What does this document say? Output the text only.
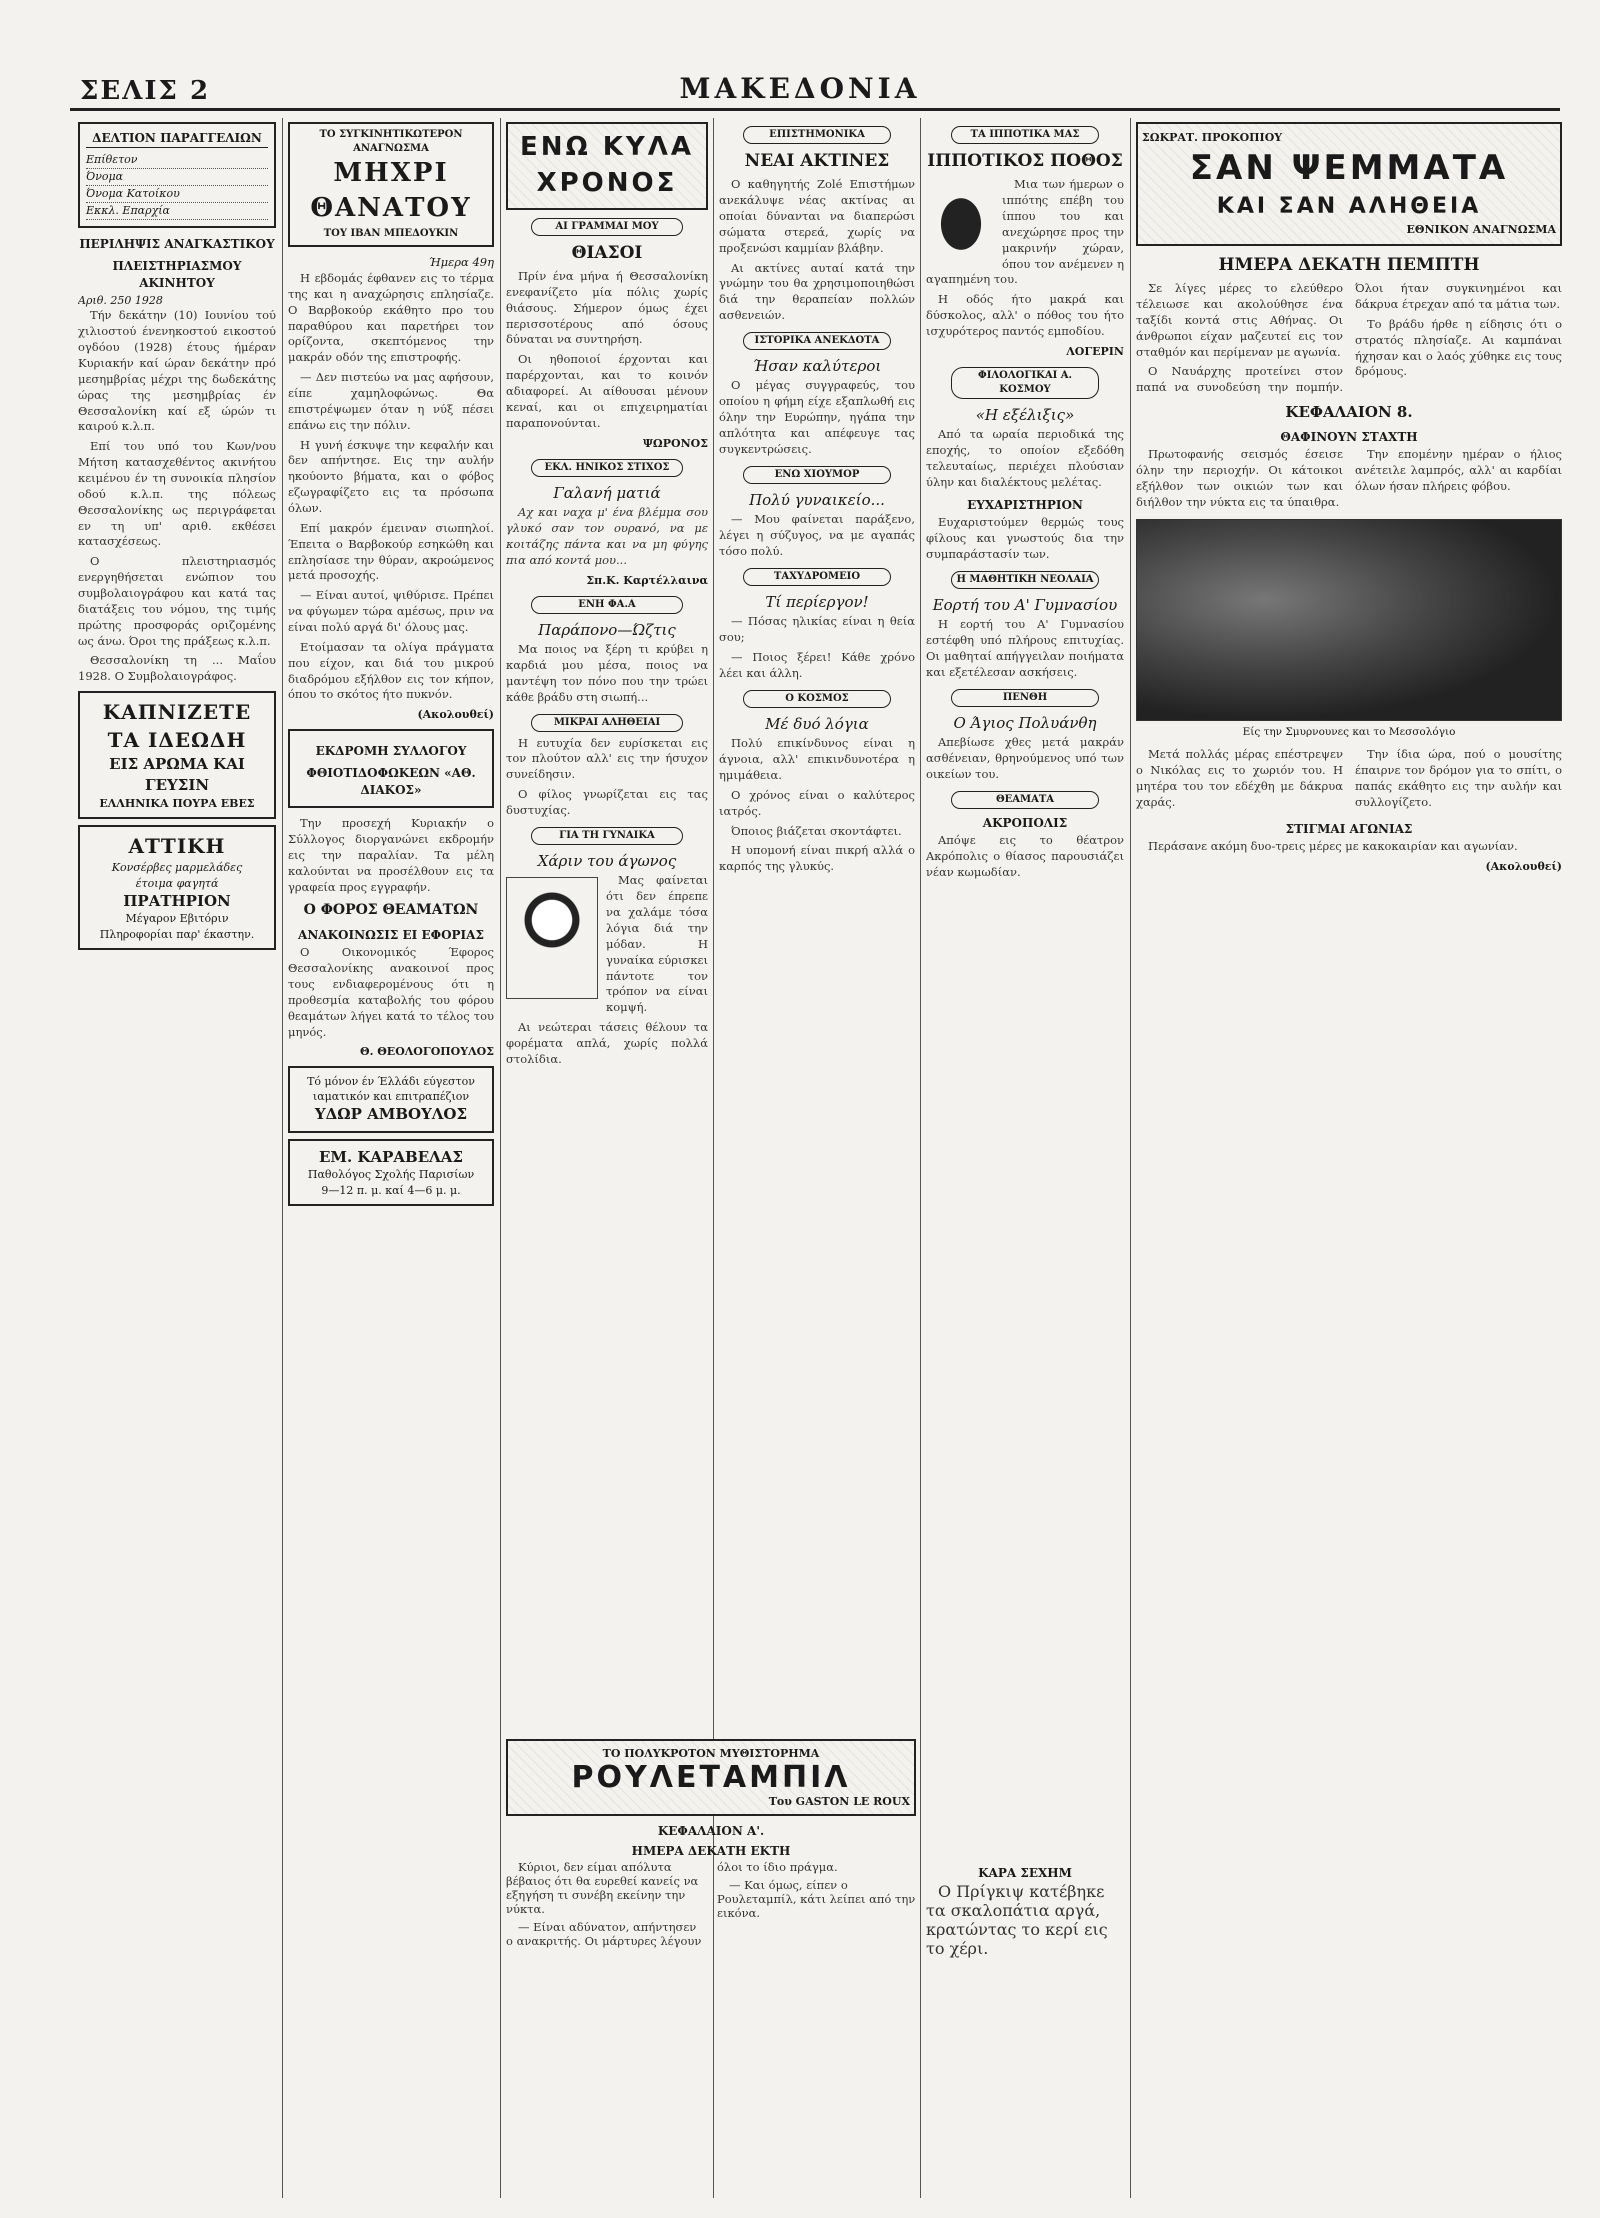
ΣΕΛΙΣ 2	ΜΑΚΕΔΟΝΙΑ
ΔΕΛΤΙΟΝ ΠΑΡΑΓΓΕΛΙΩΝ
Επίθετον
Όνομα
Όνομα Κατοίκου
Εκκλ. Επαρχία
ΠΕΡΙΛΗΨΙΣ ΑΝΑΓΚΑΣΤΙΚΟΥ
ΠΛΕΙΣΤΗΡΙΑΣΜΟΥ ΑΚΙΝΗΤΟΥ
Αριθ. 250 1928

Τήν δεκάτην (10) Ιουνίου τού χιλιοστού ένενηκοστού εικοστού ογδόου (1928) έτους ήμέραν Κυριακήν καί ώραν δεκάτην πρό μεσημβρίας μέχρι της δωδεκάτης ώρας της μεσημβρίας έν Θεσσαλονίκη καί εξ ώρών τι καιρού κ.λ.π.

Επί του υπό του Κων/νου Μήτση κατασχεθέντος ακινήτου κειμένου έν τη συνοικία πλησίον οδού κ.λ.π. της πόλεως Θεσσαλονίκης ως περιγράφεται εν τη υπ' αριθ. εκθέσει κατασχέσεως.

Ο πλειστηριασμός ενεργηθήσεται ενώπιον του συμβολαιογράφου και κατά τας διατάξεις του νόμου, της τιμής πρώτης προσφοράς οριζομένης ως άνω. Όροι της πράξεως κ.λ.π.

Θεσσαλονίκη τη ... Μαΐου 1928. Ο Συμβολαιογράφος.

ΚΑΠΝΙΖΕΤΕ ΤΑ ΙΔΕΩΔΗ
ΕΙΣ ΑΡΩΜΑ ΚΑΙ ΓΕΥΣΙΝ
ΕΛΛΗΝΙΚΑ ΠΟΥΡΑ ΕΒΕΣ
ΑΤΤΙΚΗ
Κονσέρβες μαρμελάδες
έτοιμα φαγητά
ΠΡΑΤΗΡΙΟΝ
Μέγαρον Εβιτόριν
Πληροφορίαι παρ' έκαστην.
ΤΟ ΣΥΓΚΙΝΗΤΙΚΩΤΕΡΟΝ ΑΝΑΓΝΩΣΜΑ
ΜΗΧΡΙ ΘΑΝΑΤΟΥ
ΤΟΥ ΙΒΑΝ ΜΠΕΔΟΥΚΙΝ
Ήμερα 49η

Η εβδομάς έφθανεν εις το τέρμα της και η αναχώρησις επλησίαζε. Ο Βαρβοκούρ εκάθητο προ του παραθύρου και παρετήρει τον ορίζοντα, σκεπτόμενος την μακράν οδόν της επιστροφής.

— Δεν πιστεύω να μας αφήσουν, είπε χαμηλοφώνως. Θα επιστρέψωμεν όταν η νύξ πέσει επάνω εις την πόλιν.

Η γυνή έσκυψε την κεφαλήν και δεν απήντησε. Εις την αυλήν ηκούοντο βήματα, και ο φόβος εζωγραφίζετο εις τα πρόσωπα όλων.

Επί μακρόν έμειναν σιωπηλοί. Έπειτα ο Βαρβοκούρ εσηκώθη και επλησίασε την θύραν, ακροώμενος μετά προσοχής.

— Είναι αυτοί, ψιθύρισε. Πρέπει να φύγωμεν τώρα αμέσως, πριν να είναι πολύ αργά δι' όλους μας.

Ετοίμασαν τα ολίγα πράγματα που είχον, και διά του μικρού διαδρόμου εξήλθον εις τον κήπον, όπου το σκότος ήτο πυκνόν.

(Ακολουθεί)
ΕΚΔΡΟΜΗ ΣΥΛΛΟΓΟΥ
ΦΘΙΟΤΙΔΟΦΩΚΕΩΝ «ΑΘ. ΔΙΑΚΟΣ»

Την προσεχή Κυριακήν ο Σύλλογος διοργανώνει εκδρομήν εις την παραλίαν. Τα μέλη καλούνται να προσέλθουν εις τα γραφεία προς εγγραφήν.

Ο ΦΟΡΟΣ ΘΕΑΜΑΤΩΝ
ΑΝΑΚΟΙΝΩΣΙΣ ΕΙ ΕΦΟΡΙΑΣ

Ο Οικονομικός Έφορος Θεσσαλονίκης ανακοινοί προς τους ενδιαφερομένους ότι η προθεσμία καταβολής του φόρου θεαμάτων λήγει κατά το τέλος του μηνός.

Θ. ΘΕΟΛΟΓΟΠΟΥΛΟΣ
Τό μόνον έν Έλλάδι εύγεστον ιαματικόν και επιτραπέζιον
ΥΔΩΡ ΑΜΒΟΥΛΟΣ
ΕΜ. ΚΑΡΑΒΕΛΑΣ
Παθολόγος Σχολής Παρισίων
9—12 π. μ. καί 4—6 μ. μ.
ΕΝΩ ΚΥΛΑ ΧΡΟΝΟΣ
ΑΙ ΓΡΑΜΜΑΙ ΜΟΥ
ΘΙΑΣΟΙ

Πρίν ένα μήνα ή Θεσσαλονίκη ενεφανίζετο μία πόλις χωρίς θιάσους. Σήμερον όμως έχει περισσοτέρους από όσους δύναται να συντηρήση.

Οι ηθοποιοί έρχονται και παρέρχονται, και το κοινόν αδιαφορεί. Αι αίθουσαι μένουν κεναί, και οι επιχειρηματίαι παραπονούνται.

ΨΩΡΟΝΟΣ
ΕΚΛ. ΗΝΙΚΟΣ ΣΤΙΧΟΣ
Γαλανή ματιά

Αχ και ναχα μ' ένα βλέμμα σου γλυκό σαν τον ουρανό, να με κοιτάζης πάντα και να μη φύγης πια από κοντά μου...

Σπ.Κ. Καρτέλλαινα
ΕΝΗ ΦΑ.Α
Παράπονο—Ώζτις

Μα ποιος να ξέρη τι κρύβει η καρδιά μου μέσα, ποιος να μαντέψη τον πόνο που την τρώει κάθε βράδυ στη σιωπή...

ΜΙΚΡΑΙ ΑΛΗΘΕΙΑΙ

Η ευτυχία δεν ευρίσκεται εις τον πλούτον αλλ' εις την ήσυχον συνείδησιν.

Ο φίλος γνωρίζεται εις τας δυστυχίας.

ΓΙΑ ΤΗ ΓΥΝΑΙΚΑ
Χάριν του άγωνος

Μας φαίνεται ότι δεν έπρεπε να χαλάμε τόσα λόγια διά την μόδαν. Η γυναίκα εύρισκει πάντοτε τον τρόπον να είναι κομψή.

Αι νεώτεραι τάσεις θέλουν τα φορέματα απλά, χωρίς πολλά στολίδια.

ΕΠΙΣΤΗΜΟΝΙΚΑ
ΝΕΑΙ ΑΚΤΙΝΕΣ

Ο καθηγητής Zolé Επιστήμων ανεκάλυψε νέας ακτίνας αι οποίαι δύνανται να διαπερώσι σώματα στερεά, χωρίς να προξενώσι καμμίαν βλάβην.

Αι ακτίνες αυταί κατά την γνώμην του θα χρησιμοποιηθώσι διά την θεραπείαν πολλών ασθενειών.

ΙΣΤΟΡΙΚΑ ΑΝΕΚΔΟΤΑ
Ήσαν καλύτεροι

Ο μέγας συγγραφεύς, του οποίου η φήμη είχε εξαπλωθή εις όλην την Ευρώπην, ηγάπα την απλότητα και απέφευγε τας συγκεντρώσεις.

ΕΝΩ ΧΙΟΥΜΟΡ
Πολύ γυναικείο...

— Μου φαίνεται παράξενο, λέγει η σύζυγος, να με αγαπάς τόσο πολύ.

ΤΑΧΥΔΡΟΜΕΙΟ
Τί περίεργον!

— Πόσας ηλικίας είναι η θεία σου;

— Ποιος ξέρει! Κάθε χρόνο λέει και άλλη.

Ο ΚΟΣΜΟΣ
Μέ δυό λόγια

Πολύ επικίνδυνος είναι η άγνοια, αλλ' επικινδυνοτέρα η ημιμάθεια.

Ο χρόνος είναι ο καλύτερος ιατρός.

Όποιος βιάζεται σκοντάφτει.

Η υπομονή είναι πικρή αλλά ο καρπός της γλυκύς.

ΤΑ ΙΠΠΟΤΙΚΑ ΜΑΣ
ΙΠΠΟΤΙΚΟΣ ΠΟΘΟΣ

Μια των ήμερων ο ιππότης επέβη του ίππου του και ανεχώρησε προς την μακρινήν χώραν, όπου τον ανέμενεν η αγαπημένη του.

Η οδός ήτο μακρά και δύσκολος, αλλ' ο πόθος του ήτο ισχυρότερος παντός εμποδίου.

ΛΟΓΕΡΙΝ
ΦΙΛΟΛΟΓΙΚΑΙ Α. ΚΟΣΜΟΥ
«Η εξέλιξις»

Από τα ωραία περιοδικά της εποχής, το οποίον εξεδόθη τελευταίως, περιέχει πλούσιαν ύλην και διαλέκτους μελέτας.

ΕΥΧΑΡΙΣΤΗΡΙΟΝ

Ευχαριστούμεν θερμώς τους φίλους και γνωστούς δια την συμπαράστασίν των.

Η ΜΑΘΗΤΙΚΗ ΝΕΟΛΑΙΑ
Εορτή του Α' Γυμνασίου

Η εορτή του Α' Γυμνασίου εστέφθη υπό πλήρους επιτυχίας. Οι μαθηταί απήγγειλαν ποιήματα και εξετέλεσαν ασκήσεις.

ΠΕΝΘΗ
Ο Άγιος Πολυάνθη

Απεβίωσε χθες μετά μακράν ασθένειαν, θρηνούμενος υπό των οικείων του.

ΘΕΑΜΑΤΑ
ΑΚΡΟΠΟΛΙΣ

Απόψε εις το θέατρον Ακρόπολις ο θίασος παρουσιάζει νέαν κωμωδίαν.

ΣΩΚΡΑΤ. ΠΡΟΚΟΠΙΟΥ
ΣΑΝ ΨΕΜΜΑΤΑ
ΚΑΙ ΣΑΝ ΑΛΗΘΕΙΑ
ΕΘΝΙΚΟΝ ΑΝΑΓΝΩΣΜΑ
ΗΜΕΡΑ ΔΕΚΑΤΗ ΠΕΜΠΤΗ

Σε λίγες μέρες το ελεύθερο τέλειωσε και ακολούθησε ένα ταξίδι κοντά στις Αθήνας. Οι άνθρωποι είχαν μαζευτεί εις τον σταθμόν και περίμεναν με αγωνία.

Ο Ναυάρχης προτείνει στον παπά να συνοδεύση την πομπήν. Όλοι ήταν συγκινημένοι και δάκρυα έτρεχαν από τα μάτια των.

Το βράδυ ήρθε η είδησις ότι ο στρατός πλησίαζε. Αι καμπάναι ήχησαν και ο λαός χύθηκε εις τους δρόμους.

ΚΕΦΑΛΑΙΟΝ 8.
ΘΑΦΙΝΟΥΝ ΣΤΑΧΤΗ

Πρωτοφανής σεισμός έσεισε όλην την περιοχήν. Οι κάτοικοι εξήλθον των οικιών των και διήλθον την νύκτα εις τα ύπαιθρα.

Την επομένην ημέραν ο ήλιος ανέτειλε λαμπρός, αλλ' αι καρδίαι όλων ήσαν πλήρεις φόβου.

Είς την Σμυρνουνες και το Μεσσολόγιο

Μετά πολλάς μέρας επέστρεψεν ο Νικόλας εις το χωριόν του. Η μητέρα του τον εδέχθη με δάκρυα χαράς.

Την ίδια ώρα, πού ο μουσίτης έπαιρνε τον δρόμον για το σπίτι, ο παπάς εκάθητο εις την αυλήν και συλλογίζετο.

ΣΤΙΓΜΑΙ ΑΓΩΝΙΑΣ

Περάσανε ακόμη δυο-τρεις μέρες με κακοκαιρίαν και αγωνίαν.

(Ακολουθεί)
ΤΟ ΠΟΛΥΚΡΟΤΟΝ ΜΥΘΙΣΤΟΡΗΜΑ
ΡΟΥΛΕΤΑΜΠΙΛ
Του GASTON LE ROUX
ΚΕΦΑΛΑΙΟΝ Α'.
ΗΜΕΡΑ ΔΕΚΑΤΗ ΕΚΤΗ

Κύριοι, δεν είμαι απόλυτα βέβαιος ότι θα ευρεθεί κανείς να εξηγήση τι συνέβη εκείνην την νύκτα.

— Είναι αδύνατον, απήντησεν ο ανακριτής. Οι μάρτυρες λέγουν όλοι το ίδιο πράγμα.

— Και όμως, είπεν ο Ρουλεταμπίλ, κάτι λείπει από την εικόνα.

ΚΑΡΑ ΣΕΧΗΜ

Ο Πρίγκιψ κατέβηκε τα σκαλοπάτια αργά, κρατώντας το κερί εις το χέρι.
